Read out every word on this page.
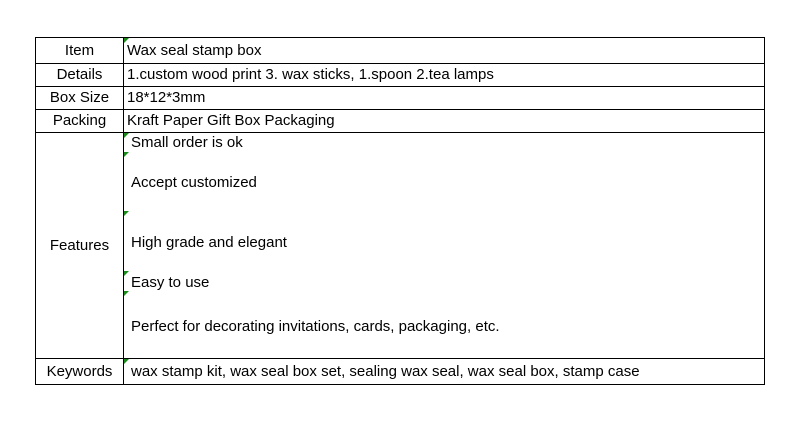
Item	Wax seal stamp box
Details	1.custom wood print 3. wax sticks, 1.spoon 2.tea lamps
Box Size	18*12*3mm
Packing	Kraft Paper Gift Box Packaging
Features	Small order is ok
Accept customized
High grade and elegant
Easy to use
Perfect for decorating invitations, cards, packaging, etc.

Keywords	wax stamp kit, wax seal box set, sealing wax seal, wax seal box, stamp case
